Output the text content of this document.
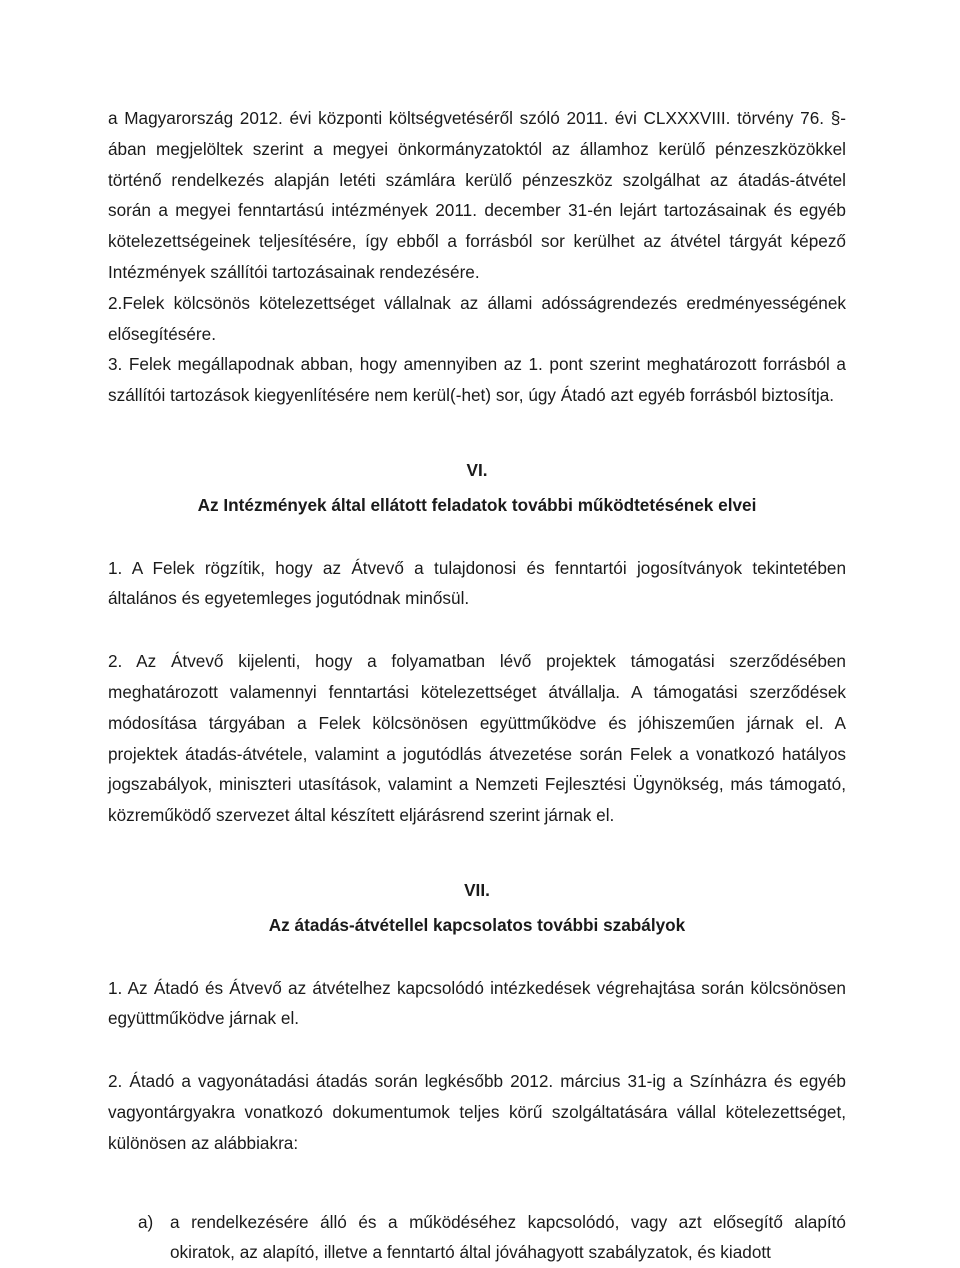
a Magyarország 2012. évi központi költségvetéséről szóló 2011. évi CLXXXVIII. törvény 76. §-ában megjelöltek szerint a megyei önkormányzatoktól az államhoz kerülő pénzeszközökkel történő rendelkezés alapján letéti számlára kerülő pénzeszköz szolgálhat az átadás-átvétel során a megyei fenntartású intézmények 2011. december 31-én lejárt tartozásainak és egyéb kötelezettségeinek teljesítésére, így ebből a forrásból sor kerülhet az átvétel tárgyát képező Intézmények szállítói tartozásainak rendezésére.

2.Felek kölcsönös kötelezettséget vállalnak az állami adósságrendezés eredményességének elősegítésére.

3. Felek megállapodnak abban, hogy amennyiben az 1. pont szerint meghatározott forrásból a szállítói tartozások kiegyenlítésére nem kerül(-het) sor, úgy Átadó azt egyéb forrásból biztosítja.

VI.

Az Intézmények által ellátott feladatok további működtetésének elvei

1. A Felek rögzítik, hogy az Átvevő a tulajdonosi és fenntartói jogosítványok tekintetében általános és egyetemleges jogutódnak minősül.

2. Az Átvevő kijelenti, hogy a folyamatban lévő projektek támogatási szerződésében meghatározott valamennyi fenntartási kötelezettséget átvállalja. A támogatási szerződések módosítása tárgyában a Felek kölcsönösen együttműködve és jóhiszeműen járnak el. A projektek átadás-átvétele, valamint a jogutódlás átvezetése során Felek a vonatkozó hatályos jogszabályok, miniszteri utasítások, valamint a Nemzeti Fejlesztési Ügynökség, más támogató, közreműködő szervezet által készített eljárásrend szerint járnak el.

VII.

Az átadás-átvétellel kapcsolatos további szabályok

1. Az Átadó és Átvevő az átvételhez kapcsolódó intézkedések végrehajtása során kölcsönösen együttműködve járnak el.

2. Átadó a vagyonátadási átadás során legkésőbb 2012. március 31-ig a Színházra és egyéb vagyontárgyakra vonatkozó dokumentumok teljes körű szolgáltatására vállal kötelezettséget, különösen az alábbiakra:

a) a rendelkezésére álló és a működéséhez kapcsolódó, vagy azt elősegítő alapító okiratok, az alapító, illetve a fenntartó által jóváhagyott szabályzatok, és kiadott
